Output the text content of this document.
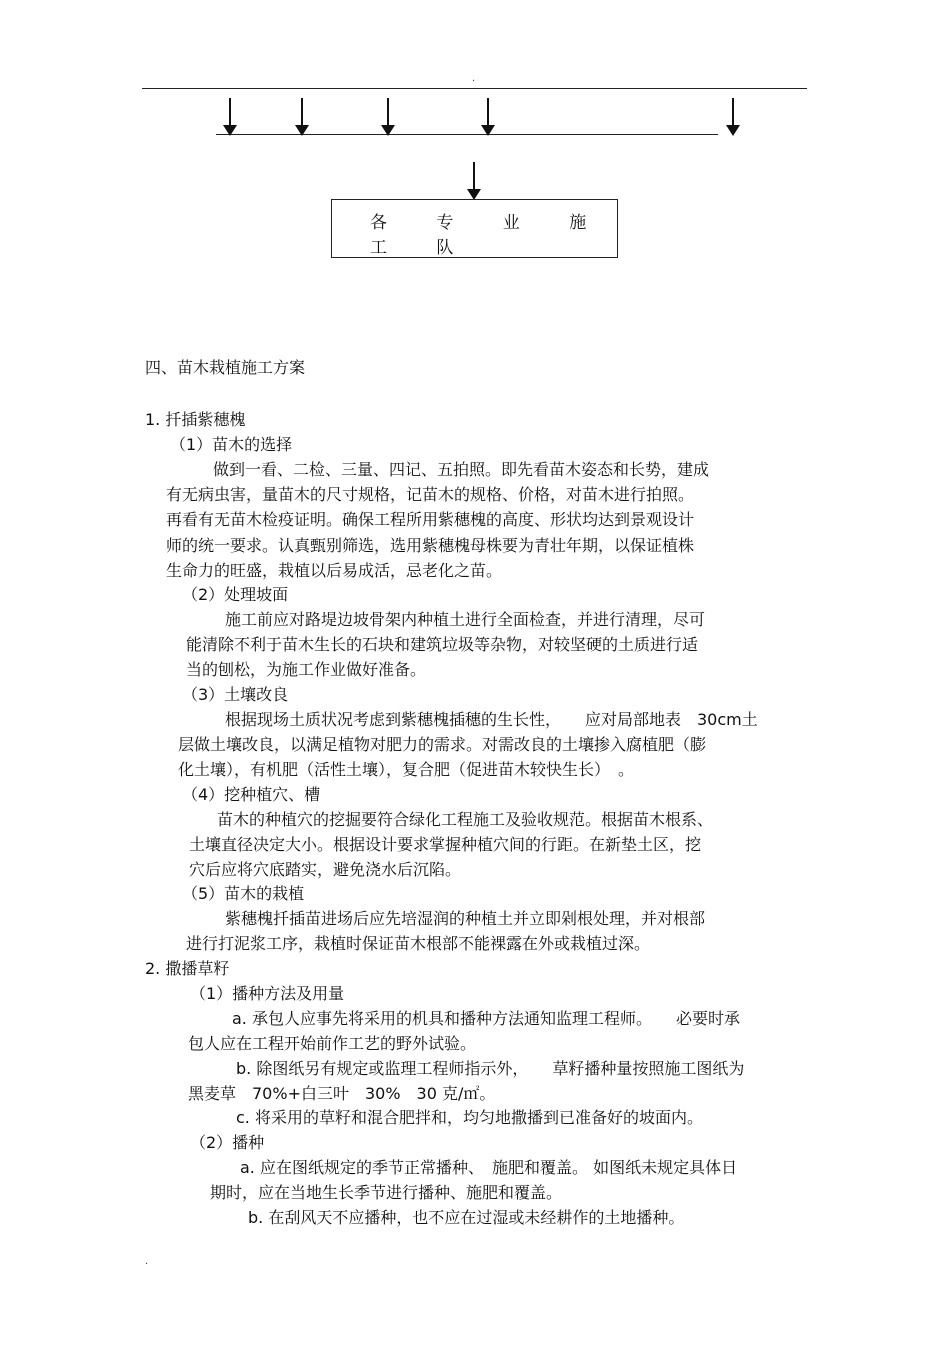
.
各 专 业 施 工 队
四、苗木栽植施工方案
1. 扦插紫穗槐
（1）苗木的选择
做到一看、二检、三量、四记、五拍照。即先看苗木姿态和长势，建成
有无病虫害，量苗木的尺寸规格，记苗木的规格、价格，对苗木进行拍照。
再看有无苗木检疫证明。确保工程所用紫穗槐的高度、形状均达到景观设计
师的统一要求。认真甄别筛选，选用紫穗槐母株要为青壮年期，以保证植株
生命力的旺盛，栽植以后易成活，忌老化之苗。
（2）处理坡面
施工前应对路堤边坡骨架内种植土进行全面检查，并进行清理，尽可
能清除不利于苗木生长的石块和建筑垃圾等杂物，对较坚硬的土质进行适
当的刨松，为施工作业做好准备。
（3）土壤改良
根据现场土质状况考虑到紫穗槐插穗的生长性，　　应对局部地表　30cm土
层做土壤改良，以满足植物对肥力的需求。对需改良的土壤掺入腐植肥（膨
化土壤），有机肥（活性土壤），复合肥（促进苗木较快生长）　。
（4）挖种植穴、槽
苗木的种植穴的挖掘要符合绿化工程施工及验收规范。根据苗木根系、
土壤直径决定大小。根据设计要求掌握种植穴间的行距。在新垫土区，挖
穴后应将穴底踏实，避免浇水后沉陷。
（5）苗木的栽植
紫穗槐扦插苗进场后应先培湿润的种植土并立即剁根处理，并对根部
进行打泥浆工序，栽植时保证苗木根部不能裸露在外或栽植过深。
2. 撒播草籽
（1）播种方法及用量
a. 承包人应事先将采用的机具和播种方法通知监理工程师。　　必要时承
包人应在工程开始前作工艺的野外试验。
b. 除图纸另有规定或监理工程师指示外，　　草籽播种量按照施工图纸为
黑麦草　70%+白三叶　30%　30 克/㎡。
c. 将采用的草籽和混合肥拌和，均匀地撒播到已准备好的坡面内。
（2）播种
a. 应在图纸规定的季节正常播种、　施肥和覆盖。 如图纸未规定具体日
期时，应在当地生长季节进行播种、施肥和覆盖。
b. 在刮风天不应播种，也不应在过湿或未经耕作的土地播种。
.
